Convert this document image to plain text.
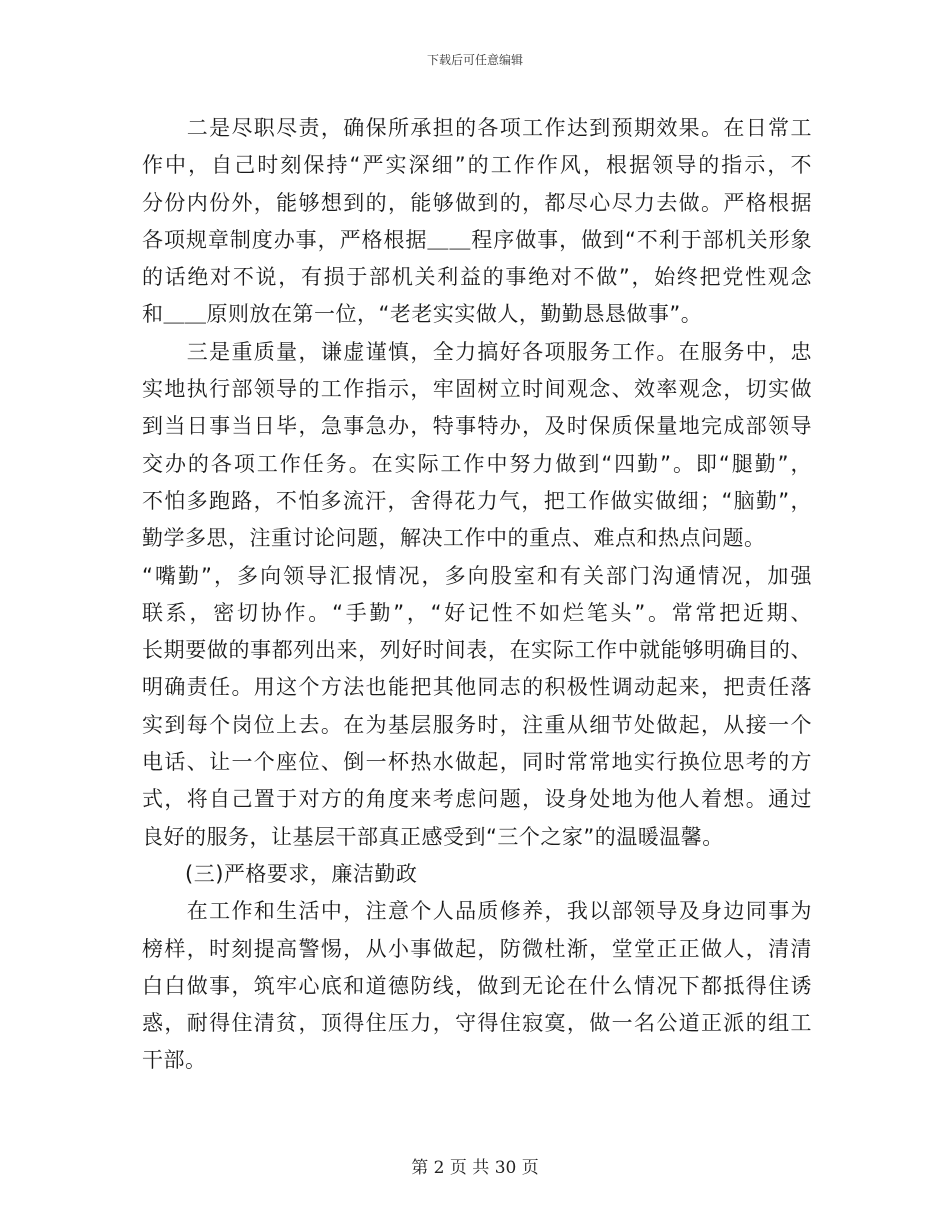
下载后可任意编辑
　　二是尽职尽责，确保所承担的各项工作达到预期效果。在日常工
作中，自己时刻保持“严实深细”的工作作风，根据领导的指示，不
分份内份外，能够想到的，能够做到的，都尽心尽力去做。严格根据
各项规章制度办事，严格根据＿＿程序做事，做到“不利于部机关形象
的话绝对不说，有损于部机关利益的事绝对不做”，始终把党性观念
和＿＿原则放在第一位，“老老实实做人，勤勤恳恳做事”。
　　三是重质量，谦虚谨慎，全力搞好各项服务工作。在服务中，忠
实地执行部领导的工作指示，牢固树立时间观念、效率观念，切实做
到当日事当日毕，急事急办，特事特办，及时保质保量地完成部领导
交办的各项工作任务。在实际工作中努力做到“四勤”。即“腿勤”，
不怕多跑路，不怕多流汗，舍得花力气，把工作做实做细；“脑勤”，
勤学多思，注重讨论问题，解决工作中的重点、难点和热点问题。
“嘴勤”，多向领导汇报情况，多向股室和有关部门沟通情况，加强
联系，密切协作。“手勤”，“好记性不如烂笔头”。常常把近期、
长期要做的事都列出来，列好时间表，在实际工作中就能够明确目的、
明确责任。用这个方法也能把其他同志的积极性调动起来，把责任落
实到每个岗位上去。在为基层服务时，注重从细节处做起，从接一个
电话、让一个座位、倒一杯热水做起，同时常常地实行换位思考的方
式，将自己置于对方的角度来考虑问题，设身处地为他人着想。通过
良好的服务，让基层干部真正感受到“三个之家”的温暖温馨。
　　(三)严格要求，廉洁勤政
　　在工作和生活中，注意个人品质修养，我以部领导及身边同事为
榜样，时刻提高警惕，从小事做起，防微杜渐，堂堂正正做人，清清
白白做事，筑牢心底和道德防线，做到无论在什么情况下都抵得住诱
惑，耐得住清贫，顶得住压力，守得住寂寞，做一名公道正派的组工
干部。
第 2 页 共 30 页
